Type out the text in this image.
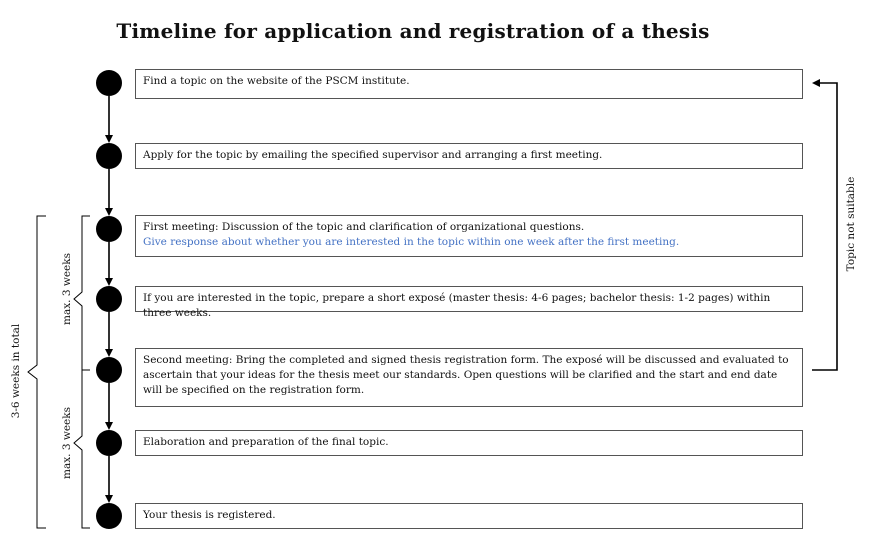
Timeline for application and registration of a thesis
Find a topic on the website of the PSCM institute.
Apply for the topic by emailing the specified supervisor and arranging a first meeting.
First meeting: Discussion of the topic and clarification of organizational questions.
Give response about whether you are interested in the topic within one week after the first meeting.
If you are interested in the topic, prepare a short exposé (master thesis: 4-6 pages; bachelor thesis: 1-2 pages) within three weeks.
Second meeting: Bring the completed and signed thesis registration form. The exposé will be discussed and evaluated to ascertain that your ideas for the thesis meet our standards. Open questions will be clarified and the start and end date will be specified on the registration form.
Elaboration and preparation of the final topic.
Your thesis is registered.
Topic not suitable
max. 3 weeks
max. 3 weeks
3-6 weeks in total
